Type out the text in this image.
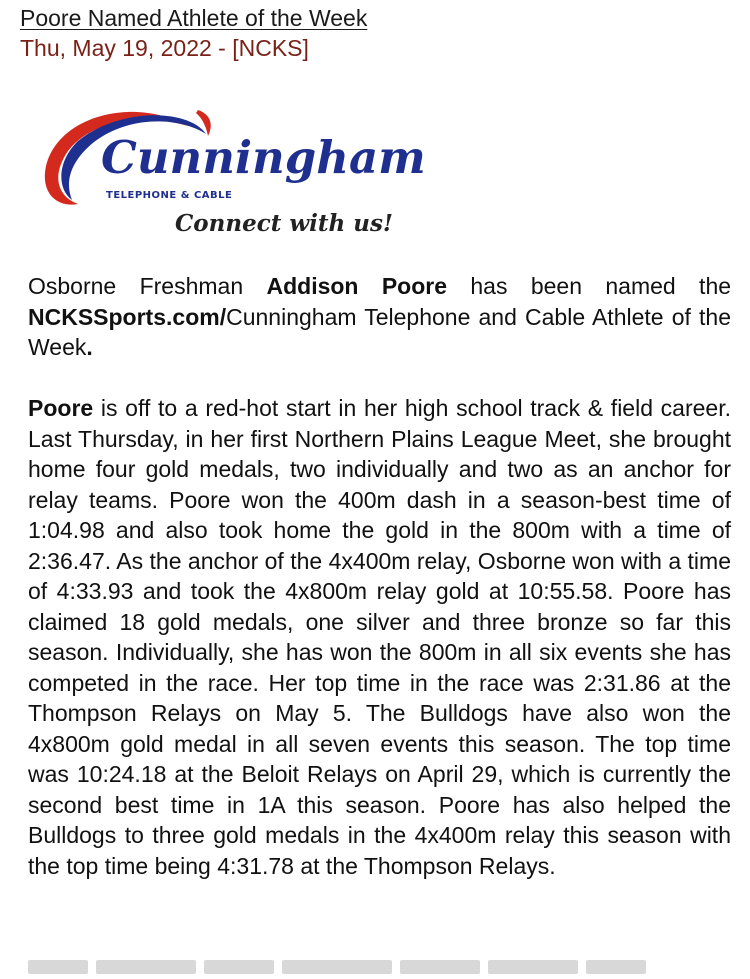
Poore Named Athlete of the Week
Thu, May 19, 2022 - [NCKS]
Cunningham
TELEPHONE & CABLE
Connect with us!
Osborne Freshman Addison Poore has been named the NCKSSports.com/Cunningham Telephone and Cable Athlete of the Week.
Poore is off to a red-hot start in her high school track & field career. Last Thursday, in her first Northern Plains League Meet, she brought home four gold medals, two individually and two as an anchor for relay teams. Poore won the 400m dash in a season-best time of 1:04.98 and also took home the gold in the 800m with a time of 2:36.47. As the anchor of the 4x400m relay, Osborne won with a time of 4:33.93 and took the 4x800m relay gold at 10:55.58. Poore has claimed 18 gold medals, one silver and three bronze so far this season. Individually, she has won the 800m in all six events she has competed in the race. Her top time in the race was 2:31.86 at the Thompson Relays on May 5. The Bulldogs have also won the 4x800m gold medal in all seven events this season. The top time was 10:24.18 at the Beloit Relays on April 29, which is currently the second best time in 1A this season. Poore has also helped the Bulldogs to three gold medals in the 4x400m relay this season with the top time being 4:31.78 at the Thompson Relays.
